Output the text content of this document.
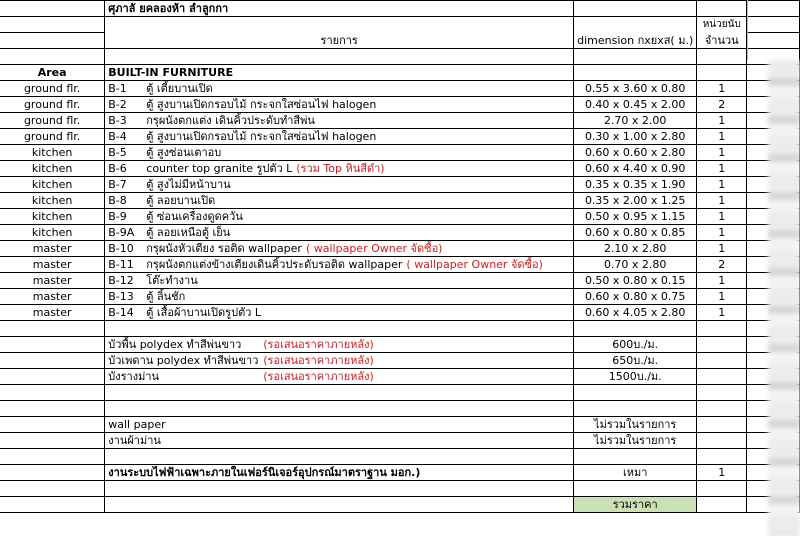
	ศุภาลั ยคลองห้า ลำลูกกา			
			หน่วยนับ	
	รายการ	dimension กxยxส( ม.)	จำนวน	

Area	BUILT-IN FURNITURE			
ground flr.	B-1 ตู้ เตี้ยบานเปิด	0.55 x 3.60 x 0.80	1	
ground flr.	B-2 ตู้ สูงบานเปิดกรอบไม้ กระจกใสซ่อนไฟ halogen	0.40 x 0.45 x 2.00	2	
ground flr.	B-3 กรุผนังตกแต่ง เดินคิ้วประดับทำสีพ่น	2.70 x 2.00	1	
ground flr.	B-4 ตู้ สูงบานเปิดกรอบไม้ กระจกใสซ่อนไฟ halogen	0.30 x 1.00 x 2.80	1	
kitchen	B-5 ตู้ สูงซ่อนเตาอบ	0.60 x 0.60 x 2.80	1	
kitchen	B-6 counter top granite รูปตัว L (รวม Top หินสีดำ)	0.60 x 4.40 x 0.90	1	
kitchen	B-7 ตู้ สูงไม่มีหน้าบาน	0.35 x 0.35 x 1.90	1	
kitchen	B-8 ตู้ ลอยบานเปิด	0.35 x 2.00 x 1.25	1	
kitchen	B-9 ตู้ ซ่อนเครื่องดูดควัน	0.50 x 0.95 x 1.15	1	
kitchen	B-9A ตู้ ลอยเหนือตู้ เย็น	0.60 x 0.80 x 0.85	1	
master	B-10 กรุผนังหัวเตียง รอติด wallpaper ( wallpaper Owner จัดซื้อ)	2.10 x 2.80	1	
master	B-11 กรุผนังตกแต่งข้างเตียงเดินคิ้วประดับรอติด wallpaper ( wallpaper Owner จัดซื้อ)	0.70 x 2.80	2	
master	B-12 โต๊ะทำงาน	0.50 x 0.80 x 0.15	1	
master	B-13 ตู้ ลิ้นชัก	0.60 x 0.80 x 0.75	1	
master	B-14 ตู้ เสื้อผ้าบานเปิดรูปตัว L	0.60 x 4.05 x 2.80	1	

	บัวพื้น polydex ทำสีพ่นขาว (รอเสนอราคาภายหลัง)	600บ./ม.		
	บัวเพดาน polydex ทำสีพ่นขาว (รอเสนอราคาภายหลัง)	650บ./ม.		
	บังรางม่าน (รอเสนอราคาภายหลัง)	1500บ./ม.		

	wall paper	ไม่รวมในรายการ		
	งานผ้าม่าน	ไม่รวมในรายการ		

	งานระบบไฟฟ้าเฉพาะภายในเฟอร์นิเจอร์อุปกรณ์มาตราฐาน มอก.)	เหมา	1	

		รวมราคา		
